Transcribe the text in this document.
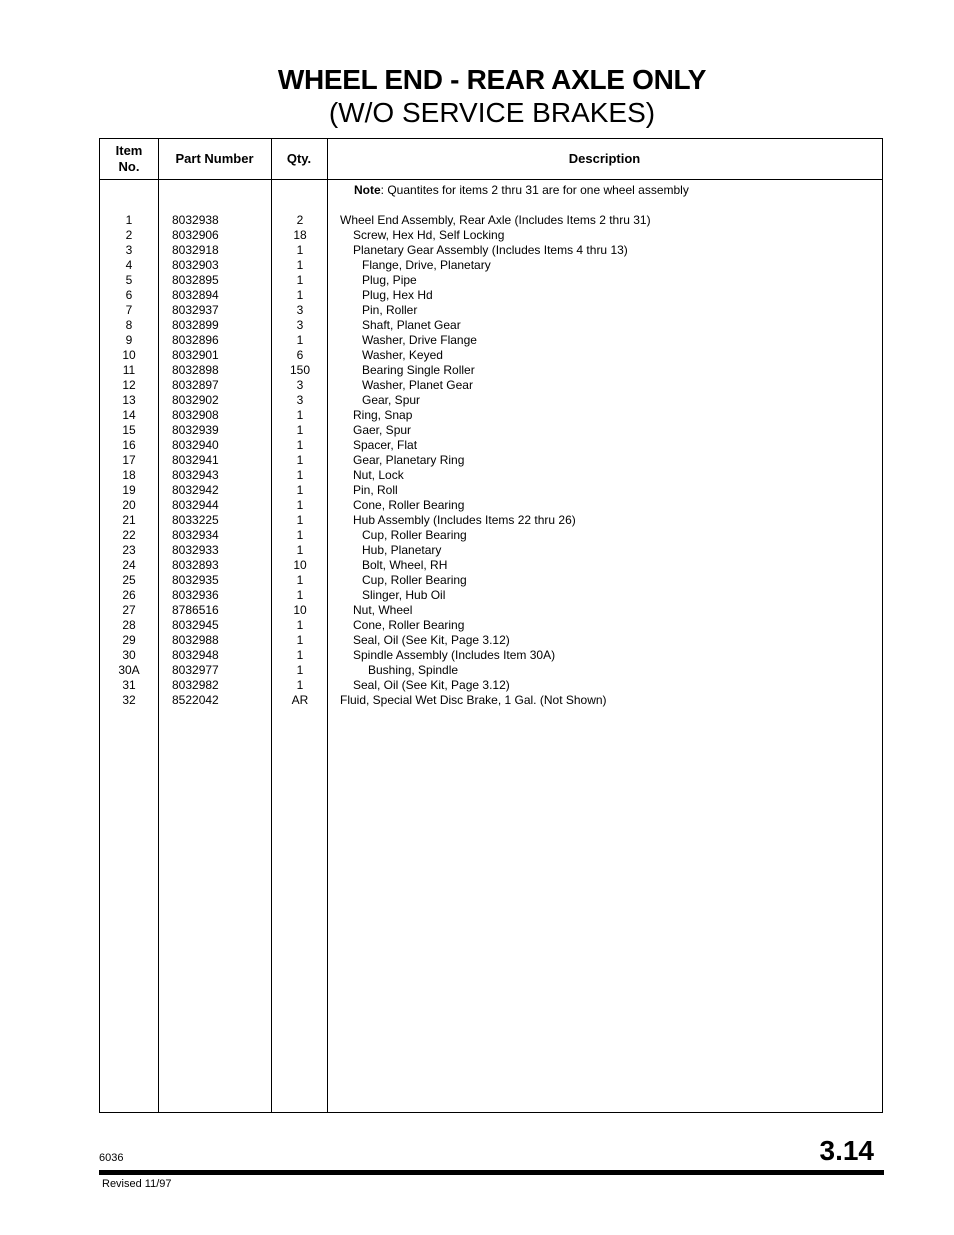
WHEEL END - REAR AXLE ONLY
(W/O SERVICE BRAKES)
Item
No.
Part Number	Qty.	Description
Note: Quantites for items 2 thru 31 are for one wheel assembly
1	8032938	2	Wheel End Assembly, Rear Axle (Includes Items 2 thru 31)
2	8032906	18	Screw, Hex Hd, Self Locking
3	8032918	1	Planetary Gear Assembly (Includes Items 4 thru 13)
4	8032903	1	Flange, Drive, Planetary
5	8032895	1	Plug, Pipe
6	8032894	1	Plug, Hex Hd
7	8032937	3	Pin, Roller
8	8032899	3	Shaft, Planet Gear
9	8032896	1	Washer, Drive Flange
10	8032901	6	Washer, Keyed
11	8032898	150	Bearing Single Roller
12	8032897	3	Washer, Planet Gear
13	8032902	3	Gear, Spur
14	8032908	1	Ring, Snap
15	8032939	1	Gaer, Spur
16	8032940	1	Spacer, Flat
17	8032941	1	Gear, Planetary Ring
18	8032943	1	Nut, Lock
19	8032942	1	Pin, Roll
20	8032944	1	Cone, Roller Bearing
21	8033225	1	Hub Assembly (Includes Items 22 thru 26)
22	8032934	1	Cup, Roller Bearing
23	8032933	1	Hub, Planetary
24	8032893	10	Bolt, Wheel, RH
25	8032935	1	Cup, Roller Bearing
26	8032936	1	Slinger, Hub Oil
27	8786516	10	Nut, Wheel
28	8032945	1	Cone, Roller Bearing
29	8032988	1	Seal, Oil (See Kit, Page 3.12)
30	8032948	1	Spindle Assembly (Includes Item 30A)
30A	8032977	1	Bushing, Spindle
31	8032982	1	Seal, Oil (See Kit, Page 3.12)
32	8522042	AR	Fluid, Special Wet Disc Brake, 1 Gal. (Not Shown)
6036	3.14
Revised 11/97
